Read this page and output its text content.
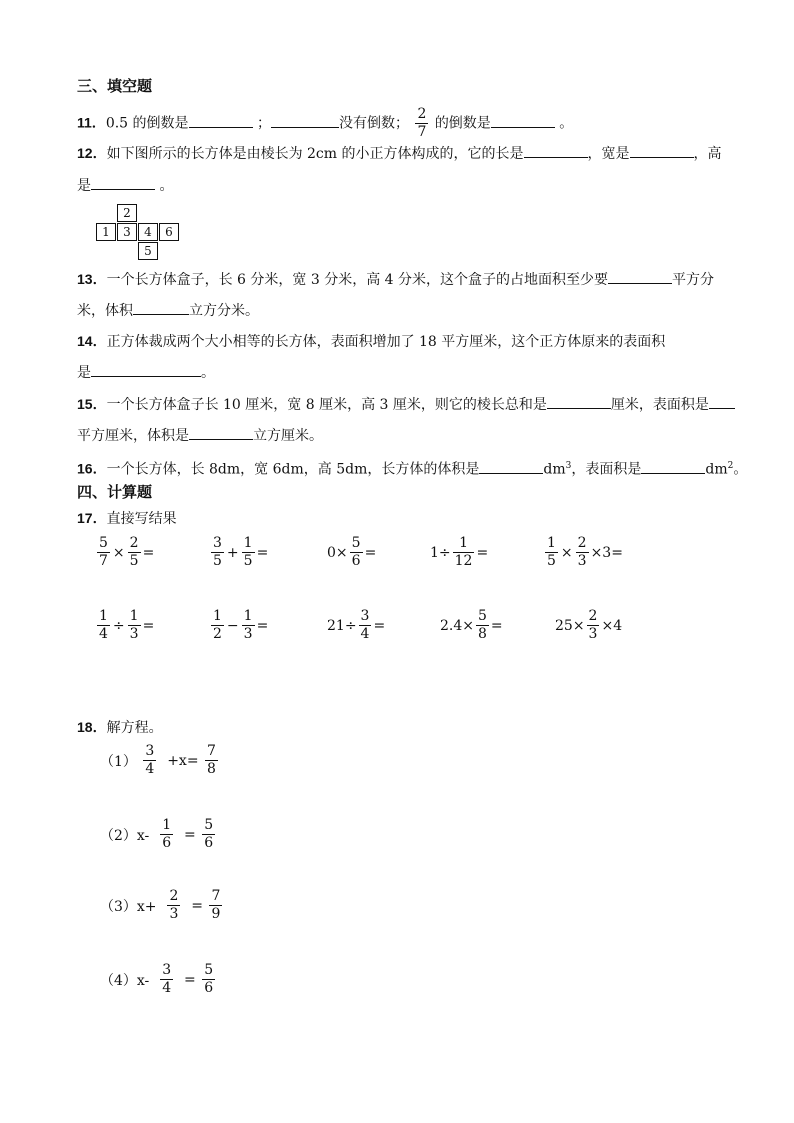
三、填空题
11．0.5 的倒数是	；	没有倒数； $\frac{2}{7}$ 的倒数是	。
12．如下图所示的长方体是由棱长为 2cm 的小正方体构成的，它的长是	，宽是	，高
是	。
2
1	3	4	6
5
13．一个长方体盒子，长 6 分米，宽 3 分米，高 4 分米，这个盒子的占地面积至少要	平方分
米，体积	立方分米。
14．正方体裁成两个大小相等的长方体，表面积增加了 18 平方厘米，这个正方体原来的表面积
是	。
15．一个长方体盒子长 10 厘米，宽 8 厘米，高 3 厘米，则它的棱长总和是	厘米，表面积是
平方厘米，体积是	立方厘米。
16．一个长方体，长 8dm，宽 6dm，高 5dm，长方体的体积是	$dm^3$，表面积是	$dm^2$。
四、计算题
17．直接写结果
$\frac{5}{7} \times \frac{2}{5}$ =	$\frac{3}{5} + \frac{1}{5}$ =	$0\times \frac{5}{6}$ =	$1\div \frac{1}{12}$ =	$\frac{1}{5} \times \frac{2}{3} \times 3=$
$\frac{1}{4} \div \frac{1}{3}$ =	$\frac{1}{2} - \frac{1}{3}$ =	$21\div \frac{3}{4}$ =	$2.4\times \frac{5}{8}$ =	$25\times \frac{2}{3} \times 4$
18．解方程。
（1）
$\frac{3}{4}$
+x=
$\frac{7}{8}$
（2）x-
$\frac{1}{6}$
=
$\frac{5}{6}$
（3）x+
$\frac{2}{3}$
=
$\frac{7}{9}$
（4）x-
$\frac{3}{4}$
=
$\frac{5}{6}$
